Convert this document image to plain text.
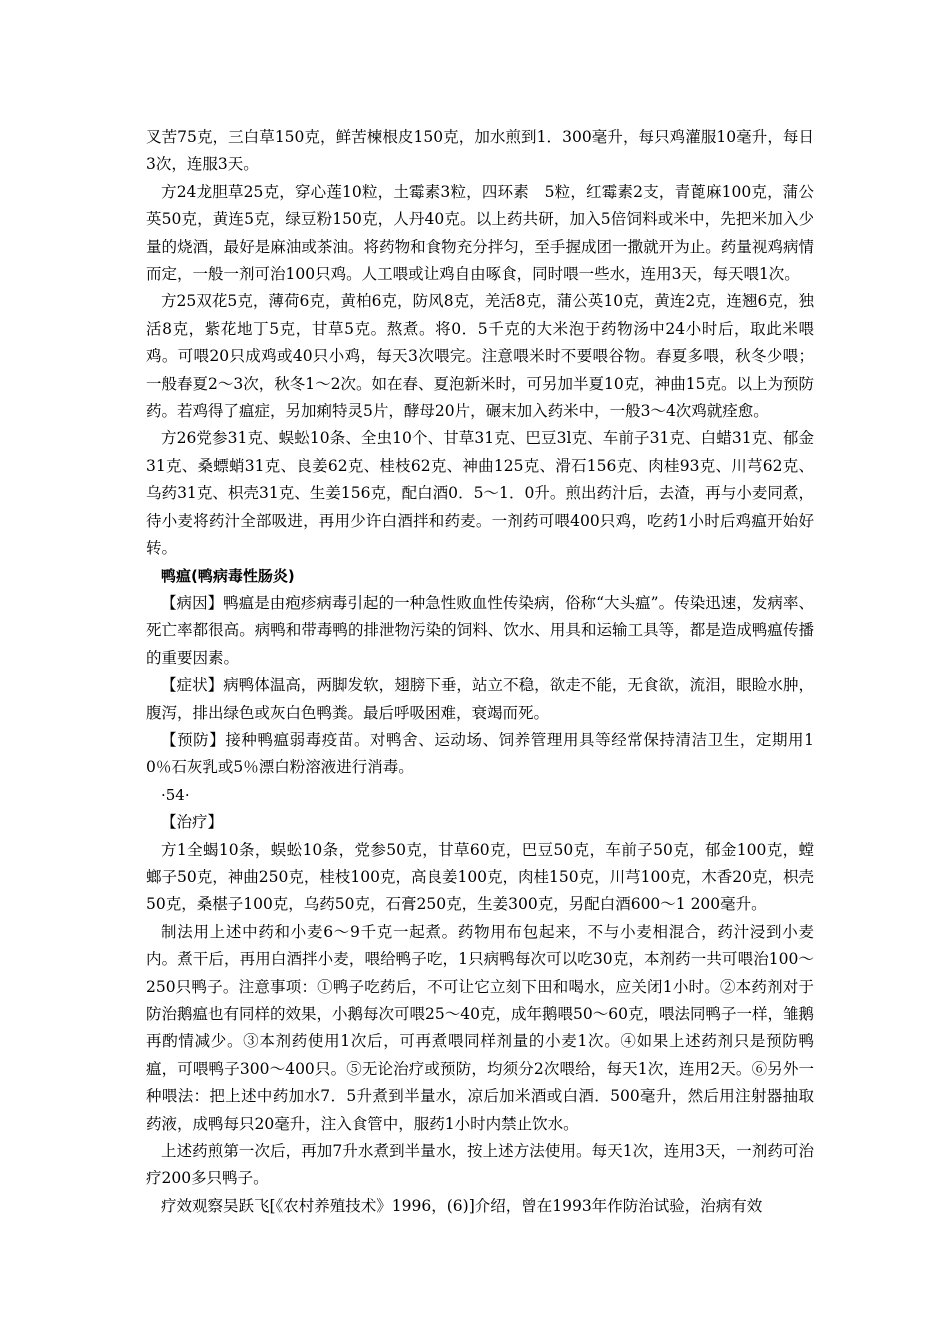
叉苦75克，三白草150克，鲜苦楝根皮150克，加水煎到1．300毫升，每只鸡灌服10毫升，每日3次，连服3天。

方24龙胆草25克，穿心莲10粒，土霉素3粒，四环素　5粒，红霉素2支，青蓖麻100克，蒲公英50克，黄连5克，绿豆粉150克，人丹40克。以上药共研，加入5倍饲料或米中，先把米加入少量的烧酒，最好是麻油或茶油。将药物和食物充分拌匀，至手握成团一撒就开为止。药量视鸡病情而定，一般一剂可治100只鸡。人工喂或让鸡自由啄食，同时喂一些水，连用3天，每天喂1次。

方25双花5克，薄荷6克，黄柏6克，防风8克，羌活8克，蒲公英10克，黄连2克，连翘6克，独活8克，紫花地丁5克，甘草5克。熬煮。将0．5千克的大米泡于药物汤中24小时后，取此米喂鸡。可喂20只成鸡或40只小鸡，每天3次喂完。注意喂米时不要喂谷物。春夏多喂，秋冬少喂；一般春夏2～3次，秋冬1～2次。如在春、夏泡新米时，可另加半夏10克，神曲15克。以上为预防药。若鸡得了瘟症，另加痢特灵5片，酵母20片，碾末加入药米中，一般3～4次鸡就痊愈。

方26党参31克、蜈蚣10条、全虫10个、甘草31克、巴豆3l克、车前子31克、白蜡31克、郁金31克、桑螵蛸31克、良姜62克、桂枝62克、神曲125克、滑石156克、肉桂93克、川芎62克、乌药31克、枳壳31克、生姜156克，配白酒0．5～1．0升。煎出药汁后，去渣，再与小麦同煮，待小麦将药汁全部吸进，再用少许白酒拌和药麦。一剂药可喂400只鸡，吃药1小时后鸡瘟开始好转。

鸭瘟(鸭病毒性肠炎)

【病因】鸭瘟是由疱疹病毒引起的一种急性败血性传染病，俗称“大头瘟”。传染迅速，发病率、死亡率都很高。病鸭和带毒鸭的排泄物污染的饲料、饮水、用具和运输工具等，都是造成鸭瘟传播的重要因素。

【症状】病鸭体温高，两脚发软，翅膀下垂，站立不稳，欲走不能，无食欲，流泪，眼睑水肿，腹泻，排出绿色或灰白色鸭粪。最后呼吸困难，衰竭而死。

【预防】接种鸭瘟弱毒疫苗。对鸭舍、运动场、饲养管理用具等经常保持清洁卫生，定期用10％石灰乳或5％漂白粉溶液进行消毒。

·54·

【治疗】

方1全蝎10条，蜈蚣10条，党参50克，甘草60克，巴豆50克，车前子50克，郁金100克，螳螂子50克，神曲250克，桂枝100克，高良姜100克，肉桂150克，川芎100克，木香20克，枳壳50克，桑椹子100克，乌药50克，石膏250克，生姜300克，另配白酒600～1 200毫升。

制法用上述中药和小麦6～9千克一起煮。药物用布包起来，不与小麦相混合，药汁浸到小麦内。煮干后，再用白酒拌小麦，喂给鸭子吃，1只病鸭每次可以吃30克，本剂药一共可喂治100～250只鸭子。注意事项：①鸭子吃药后，不可让它立刻下田和喝水，应关闭1小时。②本药剂对于防治鹅瘟也有同样的效果，小鹅每次可喂25～40克，成年鹅喂50～60克，喂法同鸭子一样，雏鹅再酌情减少。③本剂药使用1次后，可再煮喂同样剂量的小麦1次。④如果上述药剂只是预防鸭瘟，可喂鸭子300～400只。⑤无论治疗或预防，均须分2次喂给，每天1次，连用2天。⑥另外一种喂法：把上述中药加水7．5升煮到半量水，凉后加米酒或白酒．500毫升，然后用注射器抽取药液，成鸭每只20毫升，注入食管中，服药1小时内禁止饮水。

上述药煎第一次后，再加7升水煮到半量水，按上述方法使用。每天1次，连用3天，一剂药可治疗200多只鸭子。

疗效观察吴跃飞[《农村养殖技术》1996，(6)]介绍，曾在1993年作防治试验，治病有效
